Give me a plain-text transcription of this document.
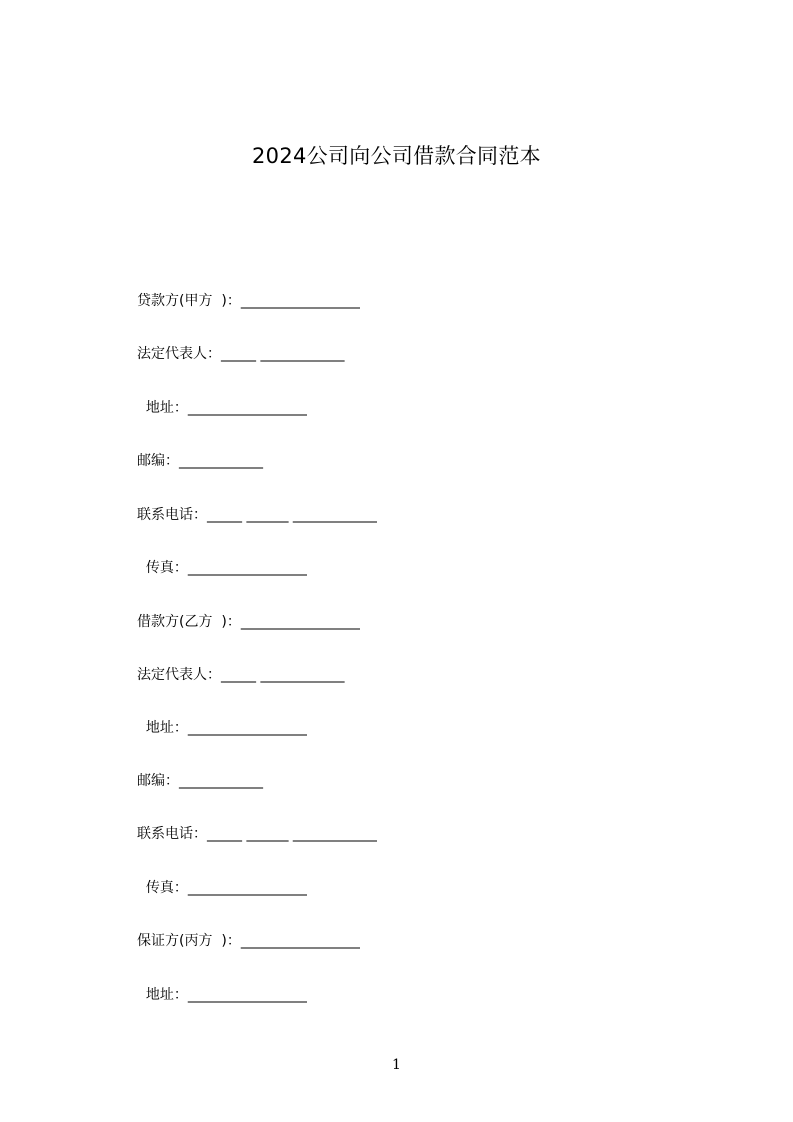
2024公司向公司借款合同范本
贷款方(甲方  )：_________________
法定代表人：_____ ____________
地址：_________________
邮编：____________
联系电话：_____ ______ ____________
传真：_________________
借款方(乙方  )：_________________
法定代表人：_____ ____________
地址：_________________
邮编：____________
联系电话：_____ ______ ____________
传真：_________________
保证方(丙方  )：_________________
地址：_________________
1
